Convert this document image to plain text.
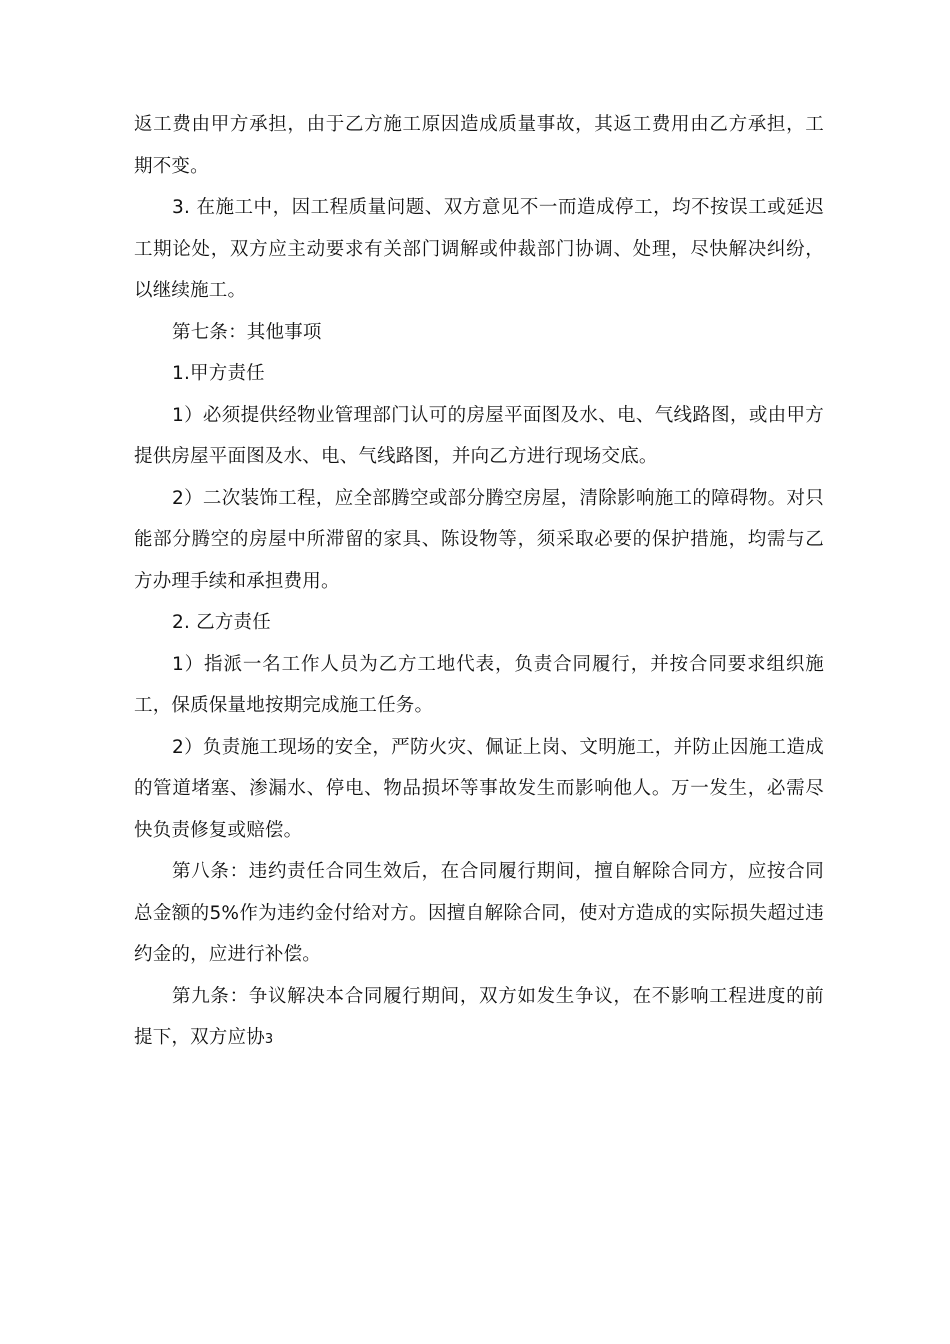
返工费由甲方承担，由于乙方施工原因造成质量事故，其返工费用由乙方承担，工期不变。

3. 在施工中，因工程质量问题、双方意见不一而造成停工，均不按误工或延迟工期论处，双方应主动要求有关部门调解或仲裁部门协调、处理，尽快解决纠纷，以继续施工。

第七条：其他事项

1.甲方责任

1）必须提供经物业管理部门认可的房屋平面图及水、电、气线路图，或由甲方提供房屋平面图及水、电、气线路图，并向乙方进行现场交底。

2）二次装饰工程，应全部腾空或部分腾空房屋，清除影响施工的障碍物。对只能部分腾空的房屋中所滞留的家具、陈设物等，须采取必要的保护措施，均需与乙方办理手续和承担费用。

2. 乙方责任

1）指派一名工作人员为乙方工地代表，负责合同履行，并按合同要求组织施工，保质保量地按期完成施工任务。

2）负责施工现场的安全，严防火灾、佩证上岗、文明施工，并防止因施工造成的管道堵塞、渗漏水、停电、物品损坏等事故发生而影响他人。万一发生，必需尽快负责修复或赔偿。

第八条：违约责任合同生效后，在合同履行期间，擅自解除合同方，应按合同总金额的5%作为违约金付给对方。因擅自解除合同，使对方造成的实际损失超过违约金的，应进行补偿。

第九条：争议解决本合同履行期间，双方如发生争议，在不影响工程进度的前提下，双方应协3
